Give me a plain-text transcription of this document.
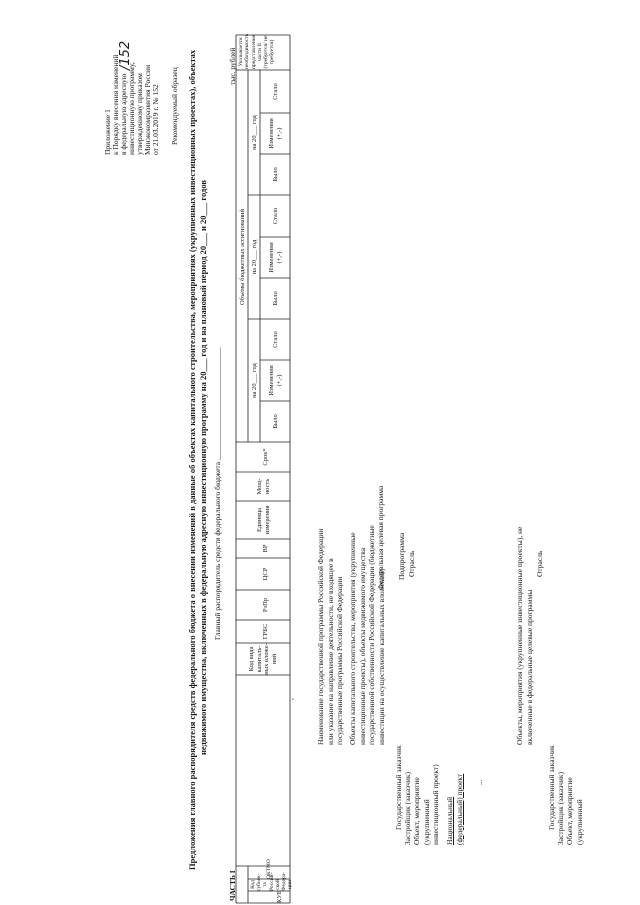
Приложение 1 к Порядку внесения изменений в федеральную адресную инвестиционную программу, утвержденному приказом Минэкономразвития России от 21.03.2019 г. № 152
/152
Рекомендуемый образец Предложения главного распорядителя средств федерального бюджета о внесении изменений в данные об объектах капитального строительства, мероприятиях (укрупненных инвестиционных проектах), объектах недвижимого имущества, включенных в федеральную адресную инвестиционную программу на 20___ год и на плановый период 20___ и 20___ годов Главный распорядитель средств федерального бюджета ______________________________
ЧАСТЬ I
тыс. рублей
КУЕ
Код субъек-та Россий-ской Федера-ции
ОКТМО
Код вида капиталь-ных вложе-ний
ГРБС
РзПр
ЦСР
ВР
Единица измерения
Мощ-ность
Срок*
Объемы бюджетных ассигнований
на 20___ год
на 20___ год
на 20___ год
Было
Изменения (+,-)
Стало
Было
Изменения (+,-)
Стало
Было
Изменения (+,-)
Стало
Указывается необходимость представления части II (требуется/ не требуется)
Государственный заказчик Застройщик (заказчик) Объект, мероприятие (укрупненный инвестиционный проект) Национальный (федеральный) проект ...	Государственный заказчик Застройщик (заказчик) Объект, мероприятие (укрупненный
Наименование государственной программы Российской Федерации или указание на направление деятельности, не входящее в государственные программы Российской Федерации Объекты капитального строительства, мероприятия (укрупненные инвестиционные проекты), объекты недвижимого имущества государственной собственности Российской Федерации (бюджетные инвестиции на осуществление капитальных вложений)
Федеральная целевая программа Подпрограмма Отрасль	Объекты, мероприятия (укрупненные инвестиционные проекты), не включенные в федеральные целевые программы
Отрасль
,
